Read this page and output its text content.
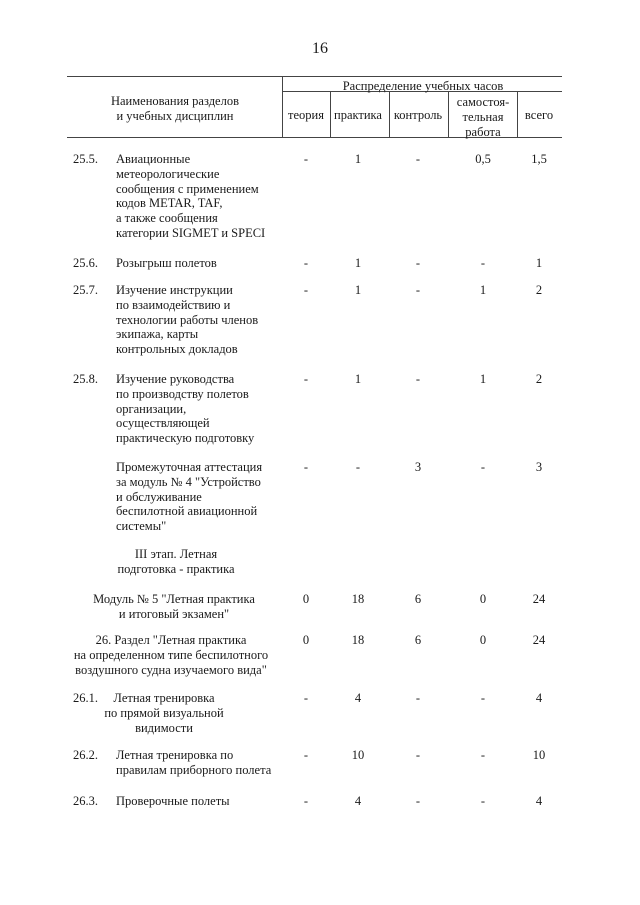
16
Наименования разделов
и учебных дисциплин
Распределение учебных часов
теория практика контроль
самостоя-
тельная
работа
всего
25.5. Авиационные
метеорологические
сообщения с применением
кодов METAR, TAF,
а также сообщения
категории SIGMET и SPECI
-	1	-	0,5	1,5
25.6. Розыгрыш полетов	-	1	-	-	1
25.7. Изучение инструкции
по взаимодействию и
технологии работы членов
экипажа, карты
контрольных докладов
-	1	-	1	2
25.8. Изучение руководства
по производству полетов
организации,
осуществляющей
практическую подготовку
-	1	-	1	2
Промежуточная аттестация
за модуль № 4 "Устройство
и обслуживание
беспилотной авиационной
системы"
-	-	3	-	3
III этап. Летная
подготовка - практика
Модуль № 5 "Летная практика
и итоговый экзамен"
0	18	6	0	24
26. Раздел "Летная практика
на определенном типе беспилотного
воздушного судна изучаемого вида"
0	18	6	0	24
26.1.	Летная тренировка
по прямой визуальной
видимости
-	4	-	-	4
26.2. Летная тренировка по
правилам приборного полета
-	10	-	-	10
26.3. Проверочные полеты	-	4	-	-	4
